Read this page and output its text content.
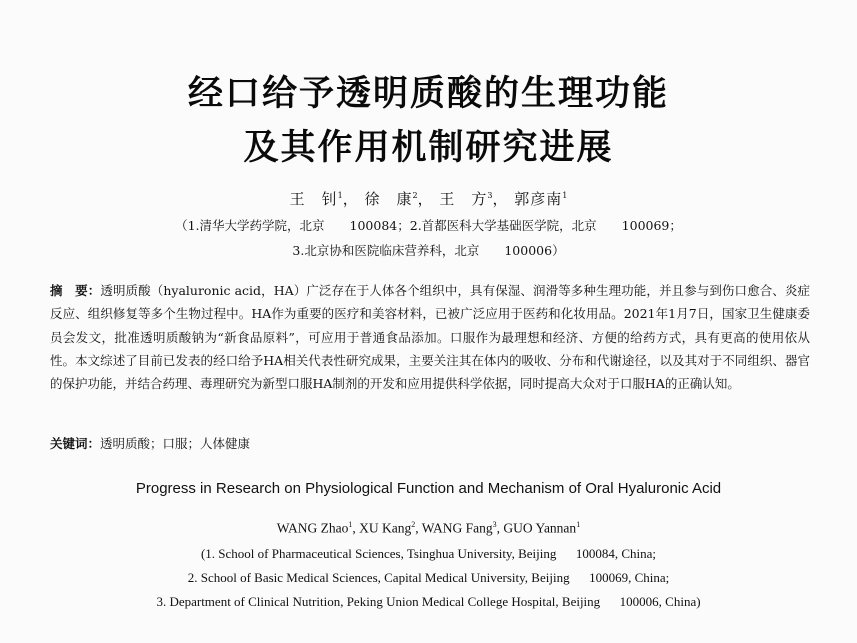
经口给予透明质酸的生理功能
及其作用机制研究进展
王　钊$^1$， 徐　康$^2$， 王　方$^3$， 郭彦南$^1$
（1.清华大学药学院，北京　　100084；2.首都医科大学基础医学院，北京　　100069；
3.北京协和医院临床营养科，北京　　100006）

摘　要：透明质酸（hyaluronic acid，HA）广泛存在于人体各个组织中，具有保湿、润滑等多种生理功能，并且参与到伤口愈合、炎症反应、组织修复等多个生物过程中。HA作为重要的医疗和美容材料，已被广泛应用于医药和化妆用品。2021年1月7日，国家卫生健康委员会发文，批准透明质酸钠为“新食品原料”，可应用于普通食品添加。口服作为最理想和经济、方便的给药方式，具有更高的使用依从性。本文综述了目前已发表的经口给予HA相关代表性研究成果，主要关注其在体内的吸收、分布和代谢途径，以及其对于不同组织、器官的保护功能，并结合药理、毒理研究为新型口服HA制剂的开发和应用提供科学依据，同时提高大众对于口服HA的正确认知。

关键词：透明质酸；口服；人体健康
Progress in Research on Physiological Function and Mechanism of Oral Hyaluronic Acid
WANG Zhao$^1$, XU Kang$^2$, WANG Fang$^3$, GUO Yannan$^1$
(1. School of Pharmaceutical Sciences, Tsinghua University, Beijing      100084, China;
2. School of Basic Medical Sciences, Capital Medical University, Beijing      100069, China;
3. Department of Clinical Nutrition, Peking Union Medical College Hospital, Beijing      100006, China)
